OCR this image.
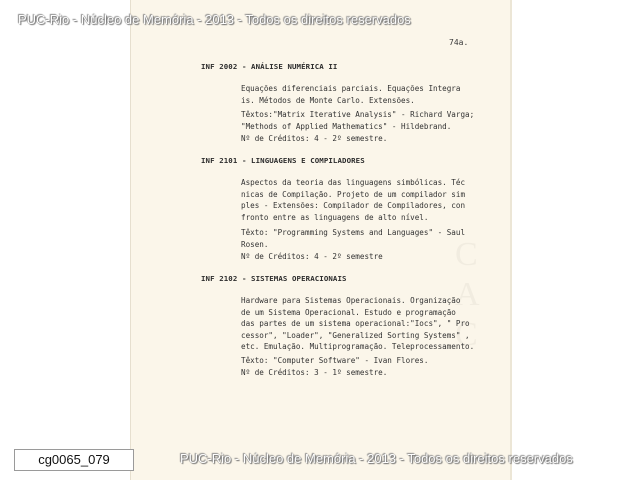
C
A
C
PUC-Rio - Núcleo de Memória - 2013 - Todos os direitos reservados
74a.
INF 2002 - ANÁLISE NUMÉRICA II
Equações diferenciais parciais. Equações Integra
is. Métodos de Monte Carlo. Extensões.
Têxtos:"Matrix Iterative Analysis" - Richard Varga;
"Methods of Applied Mathematics" - Hildebrand.
Nº de Créditos: 4 - 2º semestre.
INF 2101 - LINGUAGENS E COMPILADORES
Aspectos da teoria das linguagens simbólicas. Téc
nicas de Compilação. Projeto de um compilador sim
ples - Extensões: Compilador de Compiladores, con
fronto entre as linguagens de alto nível.
Têxto: "Programming Systems and Languages" - Saul
Rosen.
Nº de Créditos: 4 - 2º semestre
INF 2102 - SISTEMAS OPERACIONAIS
Hardware para Sistemas Operacionais. Organização
de um Sistema Operacional. Estudo e programação
das partes de um sistema operacional:"Iocs", " Pro
cessor", "Loader", "Generalized Sorting Systems" ,
etc. Emulação. Multiprogramação. Teleprocessamento.
Têxto: "Computer Software" - Ivan Flores.
Nº de Créditos: 3 - 1º semestre.
cg0065_079	PUC-Rio - Núcleo de Memória - 2013 - Todos os direitos reservados
